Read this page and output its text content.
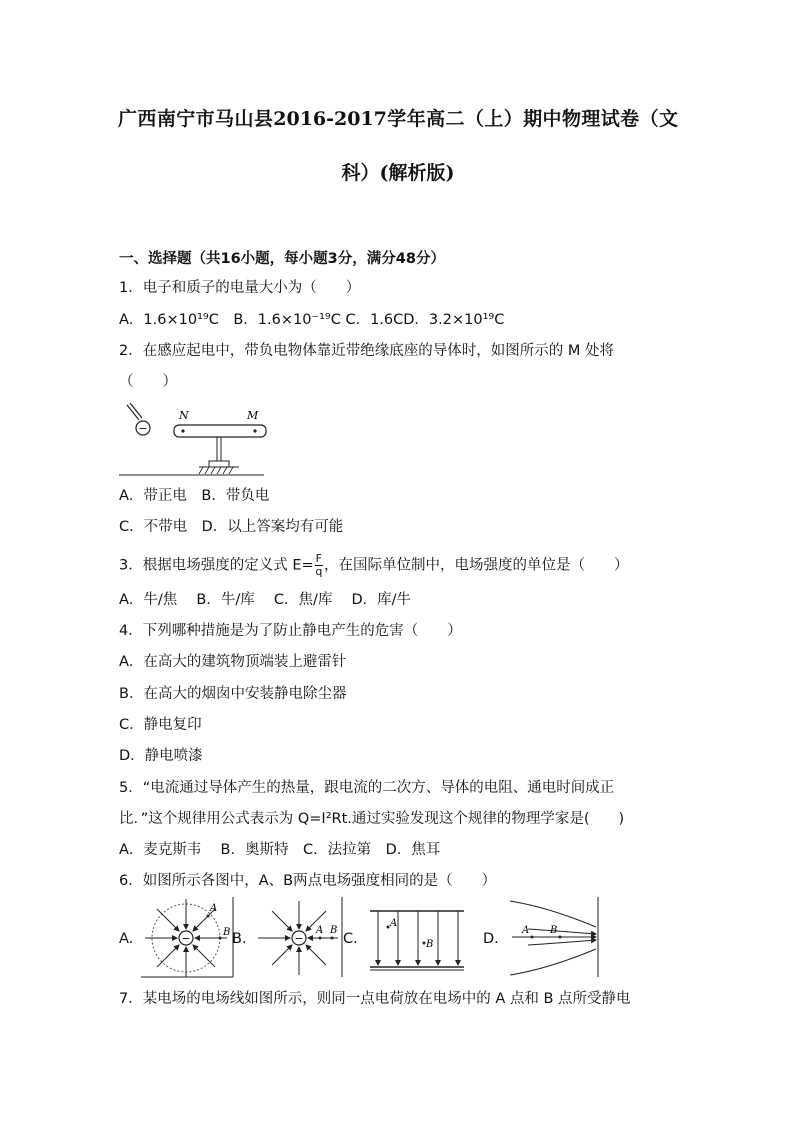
广西南宁市马山县2016-2017学年高二（上）期中物理试卷（文
科）(解析版)
一、选择题（共16小题，每小题3分，满分48分）
1．电子和质子的电量大小为（　　）
A．1.6×10¹⁹C　B．1.6×10⁻¹⁹C C．1.6CD．3.2×10¹⁹C
2．在感应起电中，带负电物体靠近带绝缘底座的导体时，如图所示的 M 处将
（　　）
−
N	M
A．带正电　B．带负电
C．不带电　D．以上答案均有可能
3．根据电场强度的定义式 $E= \frac{F}{q}$ ，在国际单位制中，电场强度的单位是（　　）
A．牛/焦　 B．牛/库　 C．焦/库　 D．库/牛
4．下列哪种措施是为了防止静电产生的危害（　　）
A．在高大的建筑物顶端装上避雷针
B．在高大的烟囱中安装静电除尘器
C．静电复印
D．静电喷漆
5．“电流通过导体产生的热量，跟电流的二次方、导体的电阻、通电时间成正
比．”这个规律用公式表示为 Q=I²Rt.通过实验发现这个规律的物理学家是(　　)
A．麦克斯韦　 B．奥斯特　C．法拉第　D．焦耳
6．如图所示各图中，A、B两点电场强度相同的是（　　）
A.	B.	C.	D.
−
A
B	−
A B
A
B
A B
7．某电场的电场线如图所示，则同一点电荷放在电场中的 A 点和 B 点所受静电
